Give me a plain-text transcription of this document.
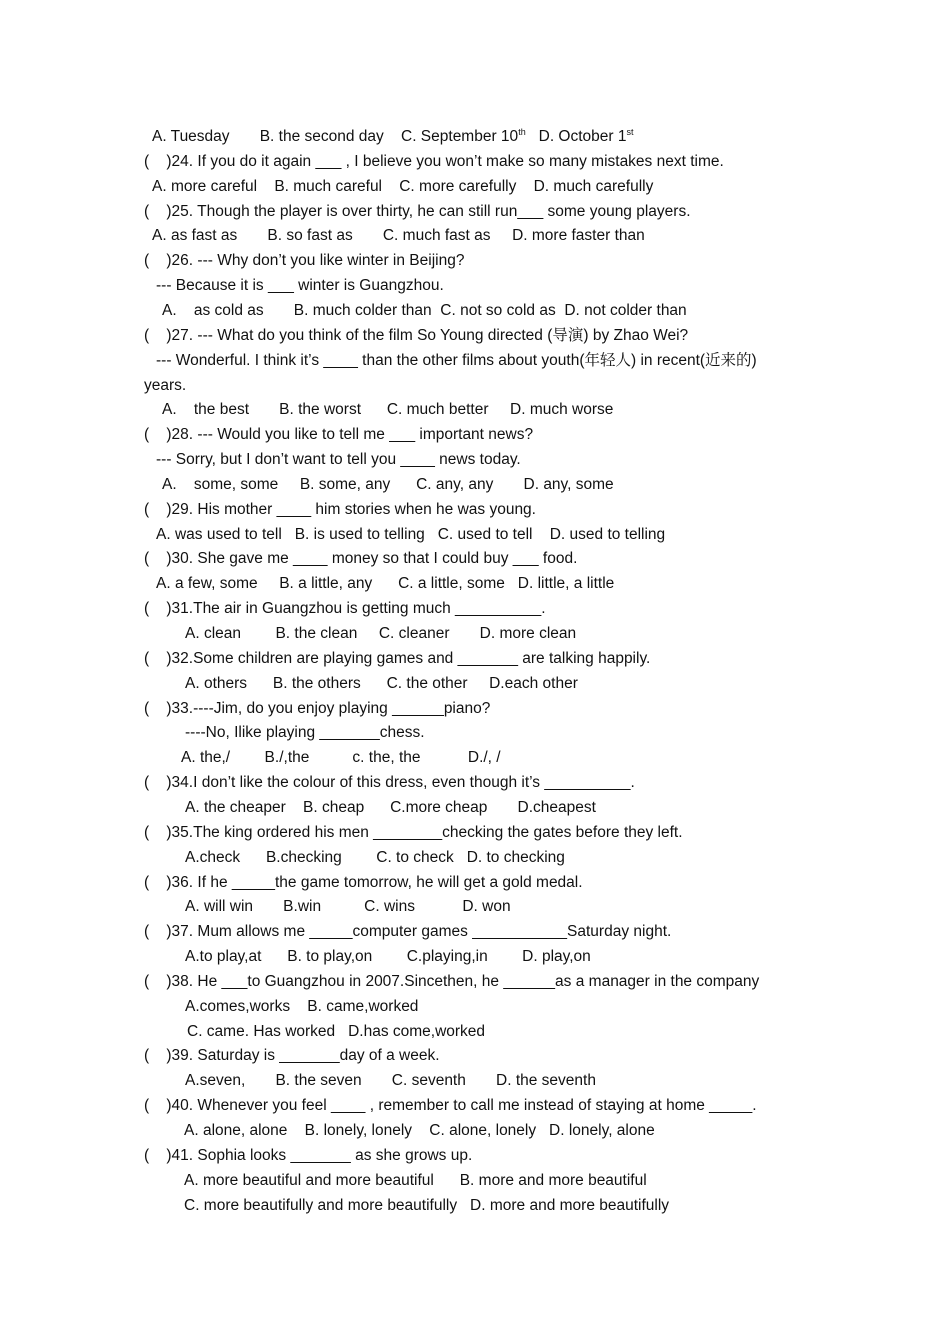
A. Tuesday       B. the second day    C. September 10th   D. October 1st
(    )24. If you do it again ___ , I believe you won’t make so many mistakes next time.
A. more careful    B. much careful    C. more carefully    D. much carefully
(    )25. Though the player is over thirty, he can still run___ some young players.
A. as fast as       B. so fast as       C. much fast as     D. more faster than
(    )26. --- Why don’t you like winter in Beijing?
--- Because it is ___ winter is Guangzhou.
A.    as cold as       B. much colder than  C. not so cold as  D. not colder than
(    )27. --- What do you think of the film So Young directed (导演) by Zhao Wei?
--- Wonderful. I think it’s ____ than the other films about youth(年轻人) in recent(近来的)
years.
A.    the best       B. the worst      C. much better     D. much worse
(    )28. --- Would you like to tell me ___ important news?
--- Sorry, but I don’t want to tell you ____ news today.
A.    some, some     B. some, any      C. any, any       D. any, some
(    )29. His mother ____ him stories when he was young.
A. was used to tell   B. is used to telling   C. used to tell    D. used to telling
(    )30. She gave me ____ money so that I could buy ___ food.
A. a few, some     B. a little, any      C. a little, some   D. little, a little
(    )31.The air in Guangzhou is getting much __________.
A. clean        B. the clean     C. cleaner       D. more clean
(    )32.Some children are playing games and _______ are talking happily.
A. others      B. the others      C. the other     D.each other
(    )33.----Jim, do you enjoy playing ______piano?
----No, Ilike playing _______chess.
A. the,/        B./,the          c. the, the           D./, /
(    )34.I don’t like the colour of this dress, even though it’s __________.
A. the cheaper    B. cheap      C.more cheap       D.cheapest
(    )35.The king ordered his men ________checking the gates before they left.
A.check      B.checking        C. to check   D. to checking
(    )36. If he _____the game tomorrow, he will get a gold medal.
A. will win       B.win          C. wins           D. won
(    )37. Mum allows me _____computer games ___________Saturday night.
A.to play,at      B. to play,on        C.playing,in        D. play,on
(    )38. He ___to Guangzhou in 2007.Sincethen, he ______as a manager in the company
A.comes,works    B. came,worked
C. came. Has worked   D.has come,worked
(    )39. Saturday is _______day of a week.
A.seven,       B. the seven       C. seventh       D. the seventh
(    )40. Whenever you feel ____ , remember to call me instead of staying at home _____.
A. alone, alone    B. lonely, lonely    C. alone, lonely   D. lonely, alone
(    )41. Sophia looks _______ as she grows up.
A. more beautiful and more beautiful      B. more and more beautiful
C. more beautifully and more beautifully   D. more and more beautifully
